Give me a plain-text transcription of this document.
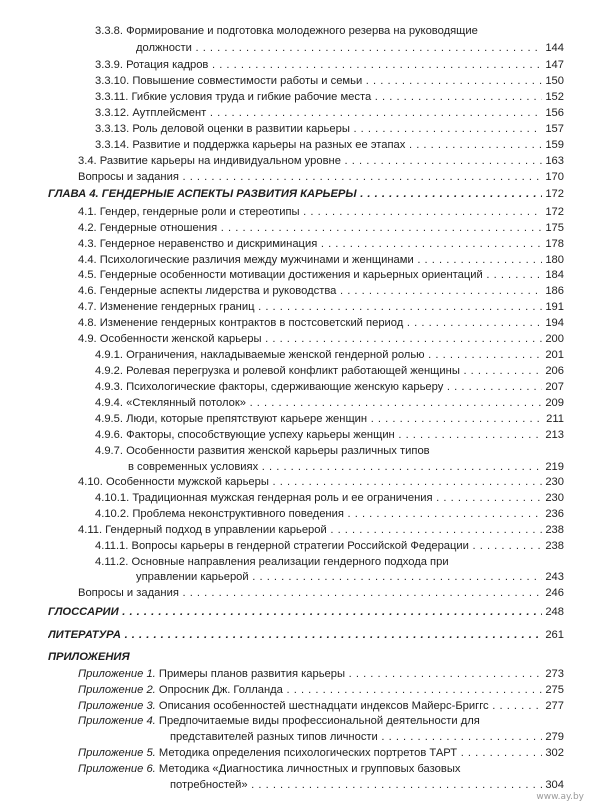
3.3.8. Формирование и подготовка молодежного резерва на руководящие
должности . . .	144
3.3.9. Ротация кадров . . .	147
3.3.10. Повышение совместимости работы и семьи . . .	150
3.3.11. Гибкие условия труда и гибкие рабочие места . . .	152
3.3.12. Аутплейсмент . . .	156
3.3.13. Роль деловой оценки в развитии карьеры . . .	157
3.3.14. Развитие и поддержка карьеры на разных ее этапах . . .	159
3.4. Развитие карьеры на индивидуальном уровне . . .	163
Вопросы и задания . . .	170
ГЛАВА 4. ГЕНДЕРНЫЕ АСПЕКТЫ РАЗВИТИЯ КАРЬЕРЫ . . .	172
4.1. Гендер, гендерные роли и стереотипы . . .	172
4.2. Гендерные отношения . . .	175
4.3. Гендерное неравенство и дискриминация . . .	178
4.4. Психологические различия между мужчинами и женщинами . . .	180
4.5. Гендерные особенности мотивации достижения и карьерных ориентаций . . .	184
4.6. Гендерные аспекты лидерства и руководства . . .	186
4.7. Изменение гендерных границ . . .	191
4.8. Изменение гендерных контрактов в постсоветский период . . .	194
4.9. Особенности женской карьеры . . .	200
4.9.1. Ограничения, накладываемые женской гендерной ролью . . .	201
4.9.2. Ролевая перегрузка и ролевой конфликт работающей женщины . . .	206
4.9.3. Психологические факторы, сдерживающие женскую карьеру . . .	207
4.9.4. «Стеклянный потолок» . . .	209
4.9.5. Люди, которые препятствуют карьере женщин . . .	211
4.9.6. Факторы, способствующие успеху карьеры женщин . . .	213
4.9.7. Особенности развития женской карьеры различных типов
в современных условиях . . .	219
4.10. Особенности мужской карьеры . . .	230
4.10.1. Традиционная мужская гендерная роль и ее ограничения . . .	230
4.10.2. Проблема неконструктивного поведения . . .	236
4.11. Гендерный подход в управлении карьерой . . .	238
4.11.1. Вопросы карьеры в гендерной стратегии Российской Федерации . . .	238
4.11.2. Основные направления реализации гендерного подхода при
управлении карьерой . . .	243
Вопросы и задания . . .	246
ГЛОССАРИЙ . . .	248
ЛИТЕРАТУРА . . .	261
ПРИЛОЖЕНИЯ
Приложение 1. Примеры планов развития карьеры . . .	273
Приложение 2. Опросник Дж. Голланда . . .	275
Приложение 3. Описания особенностей шестнадцати индексов Майерс-Бриггс . . .	277
Приложение 4. Предпочитаемые виды профессиональной деятельности для
представителей разных типов личности . . .	279
Приложение 5. Методика определения психологических портретов ТАРТ . . .	302
Приложение 6. Методика «Диагностика личностных и групповых базовых
потребностей» . . .	304
www.ay.by
